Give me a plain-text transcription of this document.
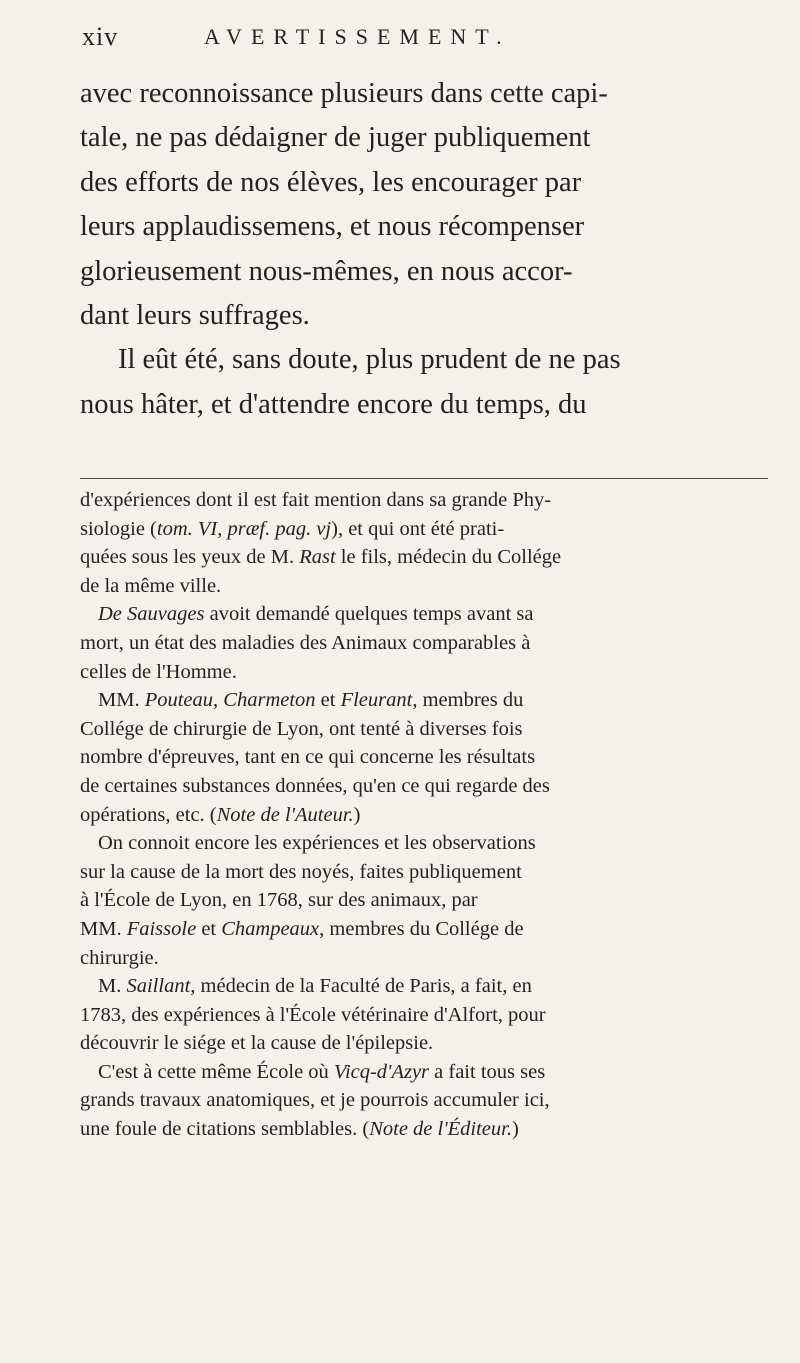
xiv	AVERTISSEMENT.
avec reconnoissance plusieurs dans cette capi-
tale, ne pas dédaigner de juger publiquement
des efforts de nos élèves, les encourager par
leurs applaudissemens, et nous récompenser
glorieusement nous-mêmes, en nous accor-
dant leurs suffrages.
Il eût été, sans doute, plus prudent de ne pas
nous hâter, et d'attendre encore du temps, du
d'expériences dont il est fait mention dans sa grande Phy-
siologie (tom. VI, præf. pag. vj), et qui ont été prati-
quées sous les yeux de M. Rast le fils, médecin du Collége
de la même ville.
De Sauvages avoit demandé quelques temps avant sa
mort, un état des maladies des Animaux comparables à
celles de l'Homme.
MM. Pouteau, Charmeton et Fleurant, membres du
Collége de chirurgie de Lyon, ont tenté à diverses fois
nombre d'épreuves, tant en ce qui concerne les résultats
de certaines substances données, qu'en ce qui regarde des
opérations, etc. (Note de l'Auteur.)
On connoit encore les expériences et les observations
sur la cause de la mort des noyés, faites publiquement
à l'École de Lyon, en 1768, sur des animaux, par
MM. Faissole et Champeaux, membres du Collége de
chirurgie.
M. Saillant, médecin de la Faculté de Paris, a fait, en
1783, des expériences à l'École vétérinaire d'Alfort, pour
découvrir le siége et la cause de l'épilepsie.
C'est à cette même École où Vicq-d'Azyr a fait tous ses
grands travaux anatomiques, et je pourrois accumuler ici,
une foule de citations semblables. (Note de l'Éditeur.)
